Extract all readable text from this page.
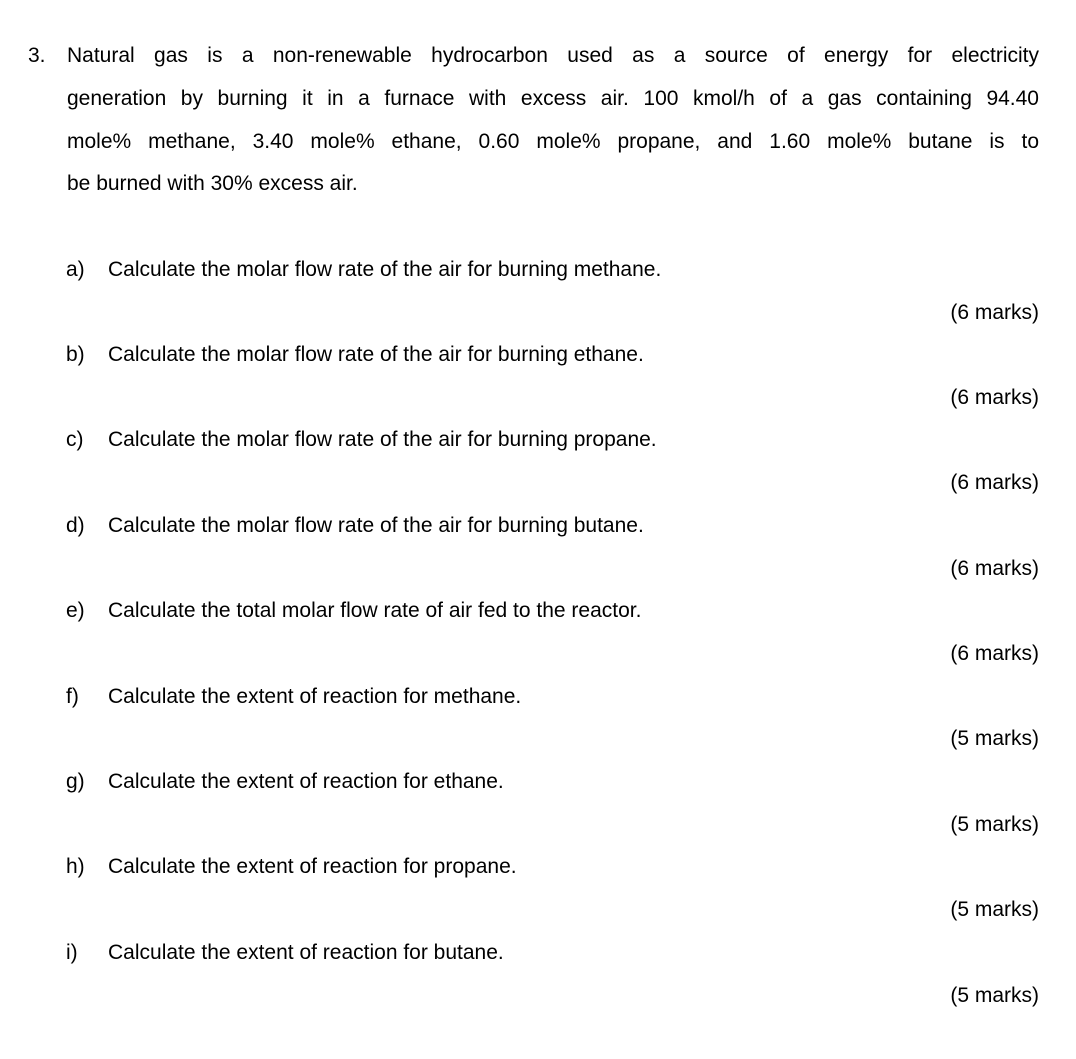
3. Natural gas is a non-renewable hydrocarbon used as a source of energy for electricity
generation by burning it in a furnace with excess air. 100 kmol/h of a gas containing 94.40
mole% methane, 3.40 mole% ethane, 0.60 mole% propane, and 1.60 mole% butane is to
be burned with 30% excess air.
a) Calculate the molar flow rate of the air for burning methane.
(6 marks)
b) Calculate the molar flow rate of the air for burning ethane.
(6 marks)
c) Calculate the molar flow rate of the air for burning propane.
(6 marks)
d) Calculate the molar flow rate of the air for burning butane.
(6 marks)
e) Calculate the total molar flow rate of air fed to the reactor.
(6 marks)
f) Calculate the extent of reaction for methane.
(5 marks)
g) Calculate the extent of reaction for ethane.
(5 marks)
h) Calculate the extent of reaction for propane.
(5 marks)
i) Calculate the extent of reaction for butane.
(5 marks)
